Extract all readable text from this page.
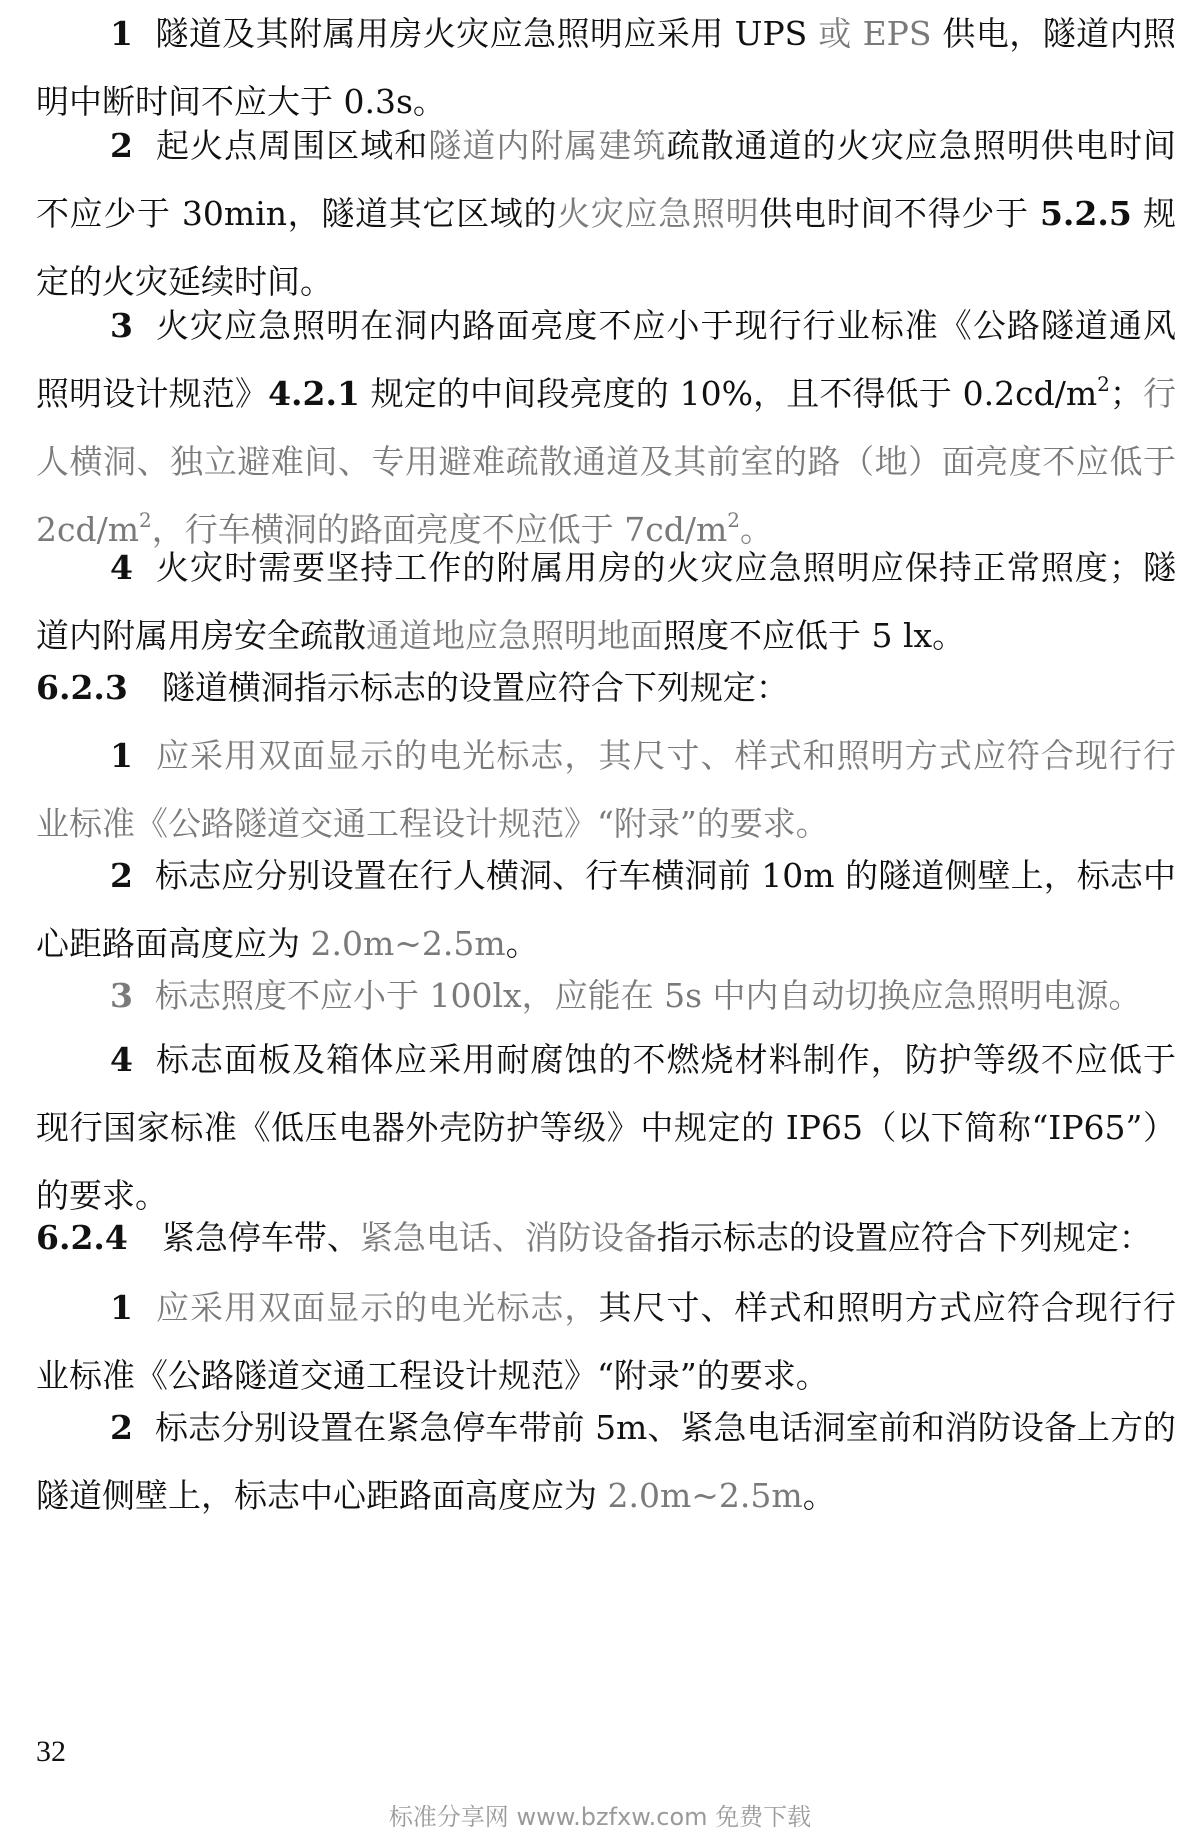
1 隧道及其附属用房火灾应急照明应采用 UPS 或 EPS 供电，隧道内照明中断时间不应大于 0.3s。
2 起火点周围区域和隧道内附属建筑疏散通道的火灾应急照明供电时间不应少于 30min，隧道其它区域的火灾应急照明供电时间不得少于 5.2.5 规定的火灾延续时间。
3 火灾应急照明在洞内路面亮度不应小于现行行业标准《公路隧道通风照明设计规范》4.2.1 规定的中间段亮度的 10%，且不得低于 $0.2cd/m^2$；行人横洞、独立避难间、专用避难疏散通道及其前室的路（地）面亮度不应低于 $2cd/m^2$，行车横洞的路面亮度不应低于 $7cd/m^2$。
4 火灾时需要坚持工作的附属用房的火灾应急照明应保持正常照度；隧道内附属用房安全疏散通道地应急照明地面照度不应低于 5 lx。
6.2.3 隧道横洞指示标志的设置应符合下列规定：
1 应采用双面显示的电光标志，其尺寸、样式和照明方式应符合现行行业标准《公路隧道交通工程设计规范》“附录”的要求。
2 标志应分别设置在行人横洞、行车横洞前 10m 的隧道侧壁上，标志中心距路面高度应为 2.0m~2.5m。
3 标志照度不应小于 100lx，应能在 5s 中内自动切换应急照明电源。
4 标志面板及箱体应采用耐腐蚀的不燃烧材料制作，防护等级不应低于现行国家标准《低压电器外壳防护等级》中规定的 IP65（以下简称“IP65”）的要求。
6.2.4 紧急停车带、紧急电话、消防设备指示标志的设置应符合下列规定：
1 应采用双面显示的电光标志，其尺寸、样式和照明方式应符合现行行业标准《公路隧道交通工程设计规范》“附录”的要求。
2 标志分别设置在紧急停车带前 5m、紧急电话洞室前和消防设备上方的隧道侧壁上，标志中心距路面高度应为 2.0m~2.5m。
32
标准分享网 www.bzfxw.com 免费下载
